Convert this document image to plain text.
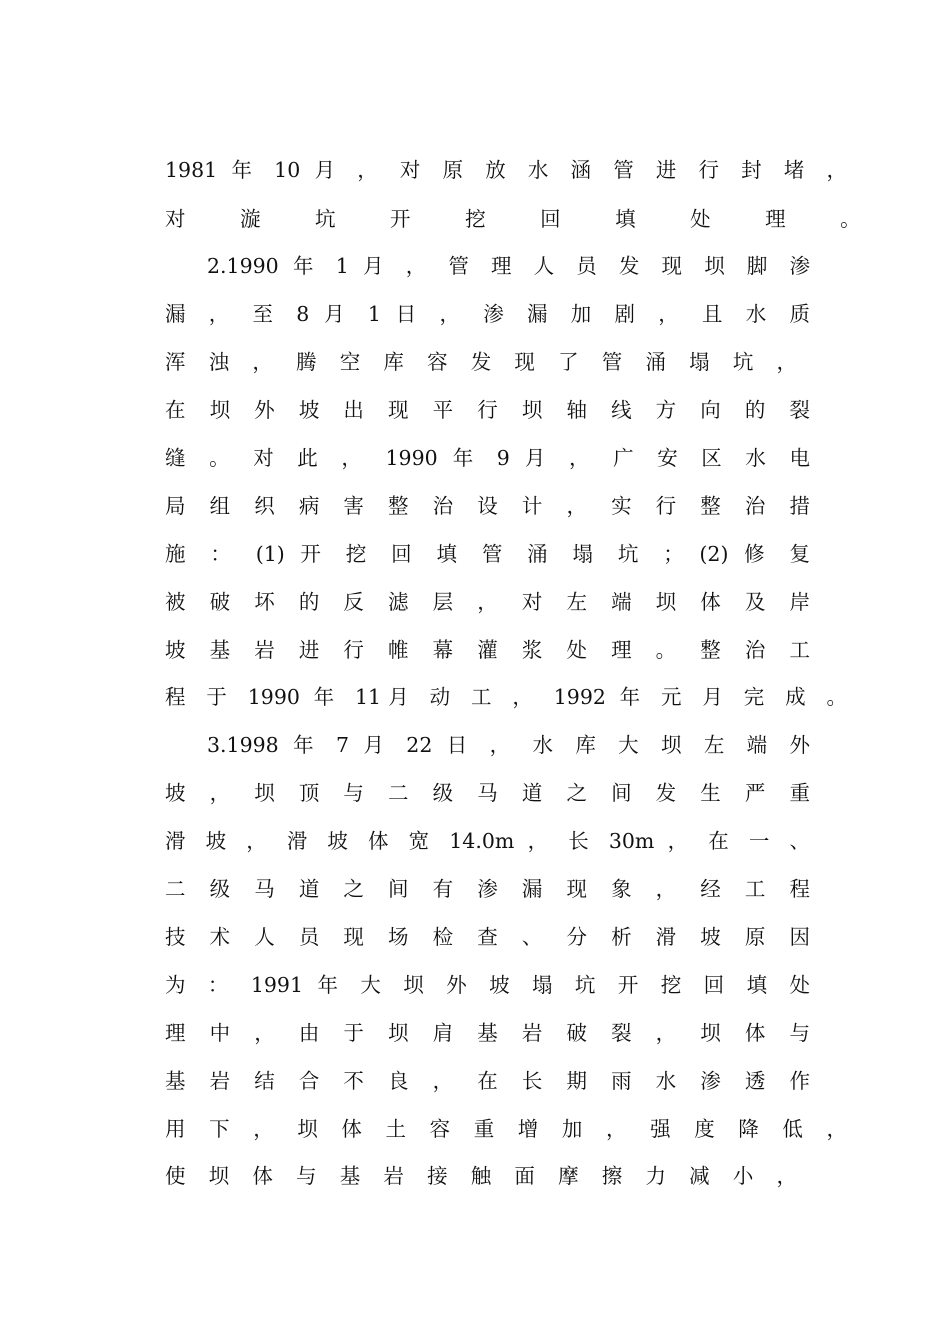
1981 年 10 月 ， 对 原 放 水 涵 管 进 行 封 堵 ，
对 漩 坑 开 挖 回 填 处 理 。
2.1990 年 1 月 ， 管 理 人 员 发 现 坝 脚 渗
漏 ， 至 8 月 1 日 ， 渗 漏 加 剧 ， 且 水 质
浑 浊 ， 腾 空 库 容 发 现 了 管 涌 塌 坑 ，
在 坝 外 坡 出 现 平 行 坝 轴 线 方 向 的 裂
缝 。 对 此 ， 1990 年 9 月 ， 广 安 区 水 电
局 组 织 病 害 整 治 设 计 ， 实 行 整 治 措
施 ： (1) 开 挖 回 填 管 涌 塌 坑 ； (2) 修 复
被 破 坏 的 反 滤 层 ， 对 左 端 坝 体 及 岸
坡 基 岩 进 行 帷 幕 灌 浆 处 理 。 整 治 工
程 于 1990 年 11月 动 工 ， 1992 年 元 月 完 成 。
3.1998 年 7 月 22 日 ， 水 库 大 坝 左 端 外
坡 ， 坝 顶 与 二 级 马 道 之 间 发 生 严 重
滑 坡 ， 滑 坡 体 宽 14.0m ， 长 30m ， 在 一 、
二 级 马 道 之 间 有 渗 漏 现 象 ， 经 工 程
技 术 人 员 现 场 检 查 、 分 析 滑 坡 原 因
为 ： 1991 年 大 坝 外 坡 塌 坑 开 挖 回 填 处
理 中 ， 由 于 坝 肩 基 岩 破 裂 ， 坝 体 与
基 岩 结 合 不 良 ， 在 长 期 雨 水 渗 透 作
用 下 ， 坝 体 土 容 重 增 加 ， 强 度 降 低 ，
使 坝 体 与 基 岩 接 触 面 摩 擦 力 减 小 ，
